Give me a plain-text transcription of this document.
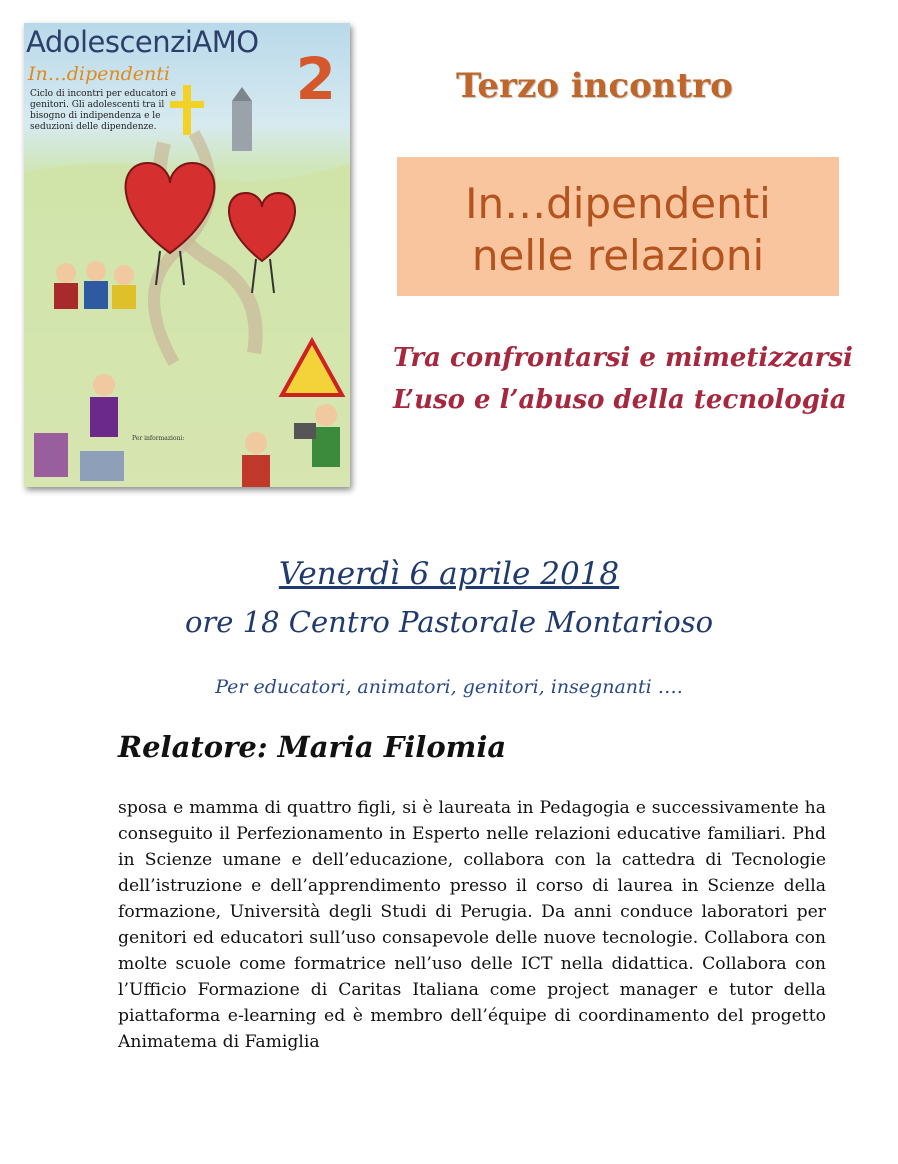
AdolescenziAMO
2
In…dipendenti
Ciclo di incontri per educatori e genitori. Gli adolescenti tra il bisogno di indipendenza e le seduzioni delle dipendenze.
Per informazioni:
Terzo incontro
In…dipendenti
nelle relazioni
Tra confrontarsi e mimetizzarsi
L’uso e l’abuso della tecnologia
Venerdì 6 aprile 2018
ore 18 Centro Pastorale Montarioso
Per educatori, animatori, genitori, insegnanti ….
Relatore: Maria Filomia
sposa e mamma di quattro figli, si è laureata in Pedagogia e successivamente ha conseguito il Perfezionamento in Esperto nelle relazioni educative familiari. Phd in Scienze umane e dell’educazione, collabora con la cattedra di Tecnologie dell’istruzione e dell’apprendimento presso il corso di laurea in Scienze della formazione, Università degli Studi di Perugia. Da anni conduce laboratori per genitori ed educatori sull’uso consapevole delle nuove tecnologie. Collabora con molte scuole come formatrice nell’uso delle ICT nella didattica. Collabora con l’Ufficio Formazione di Caritas Italiana come project manager e tutor della piattaforma e-learning ed è membro dell’équipe di coordinamento del progetto Animatema di Famiglia
